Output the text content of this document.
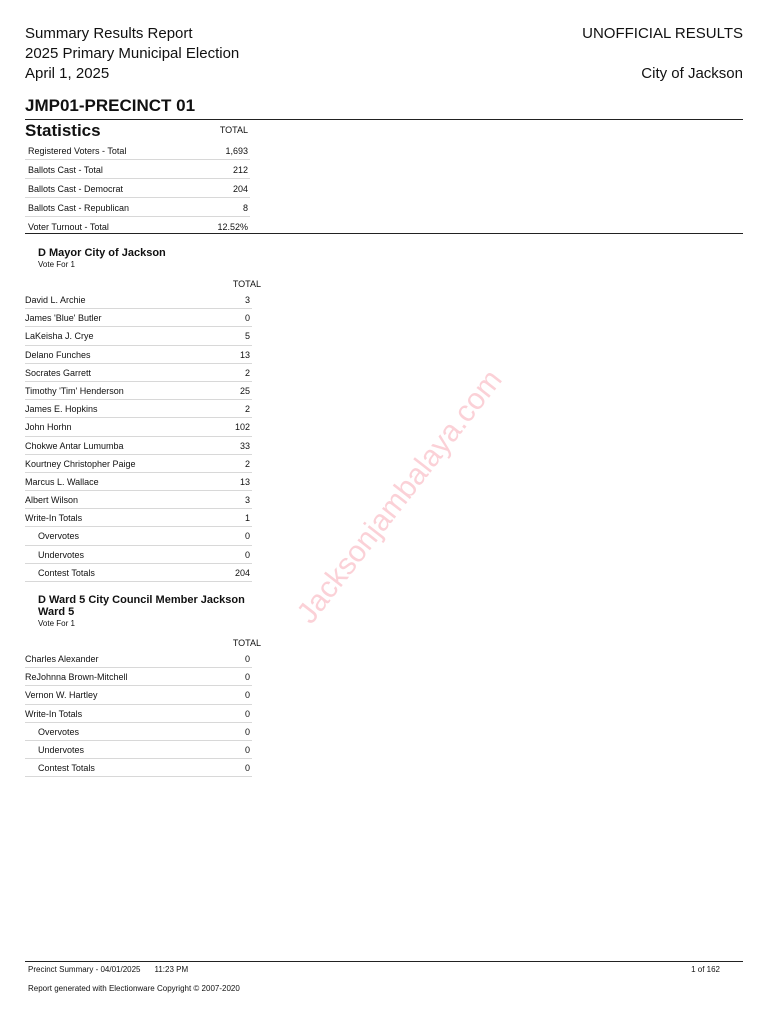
Summary Results Report
2025 Primary Municipal Election
April 1, 2025
UNOFFICIAL RESULTS
City of Jackson
JMP01-PRECINCT 01
Statistics	TOTAL
Registered Voters - Total	1,693
Ballots Cast - Total	212
Ballots Cast - Democrat	204
Ballots Cast - Republican	8
Voter Turnout - Total	12.52%
D Mayor City of Jackson
Vote For 1
TOTAL
David L. Archie	3
James 'Blue' Butler	0
LaKeisha J. Crye	5
Delano Funches	13
Socrates Garrett	2
Timothy 'Tim' Henderson	25
James E. Hopkins	2
John Horhn	102
Chokwe Antar Lumumba	33
Kourtney Christopher Paige	2
Marcus L. Wallace	13
Albert Wilson	3
Write-In Totals	1
Overvotes	0
Undervotes	0
Contest Totals	204
D Ward 5 City Council Member Jackson Ward 5
Vote For 1
TOTAL
Charles Alexander	0
ReJohnna Brown-Mitchell	0
Vernon W. Hartley	0
Write-In Totals	0
Overvotes	0
Undervotes	0
Contest Totals	0
Jacksonjambalaya.com
Precinct Summary - 04/01/2025 11:23 PM	1 of 162
Report generated with Electionware Copyright © 2007-2020
